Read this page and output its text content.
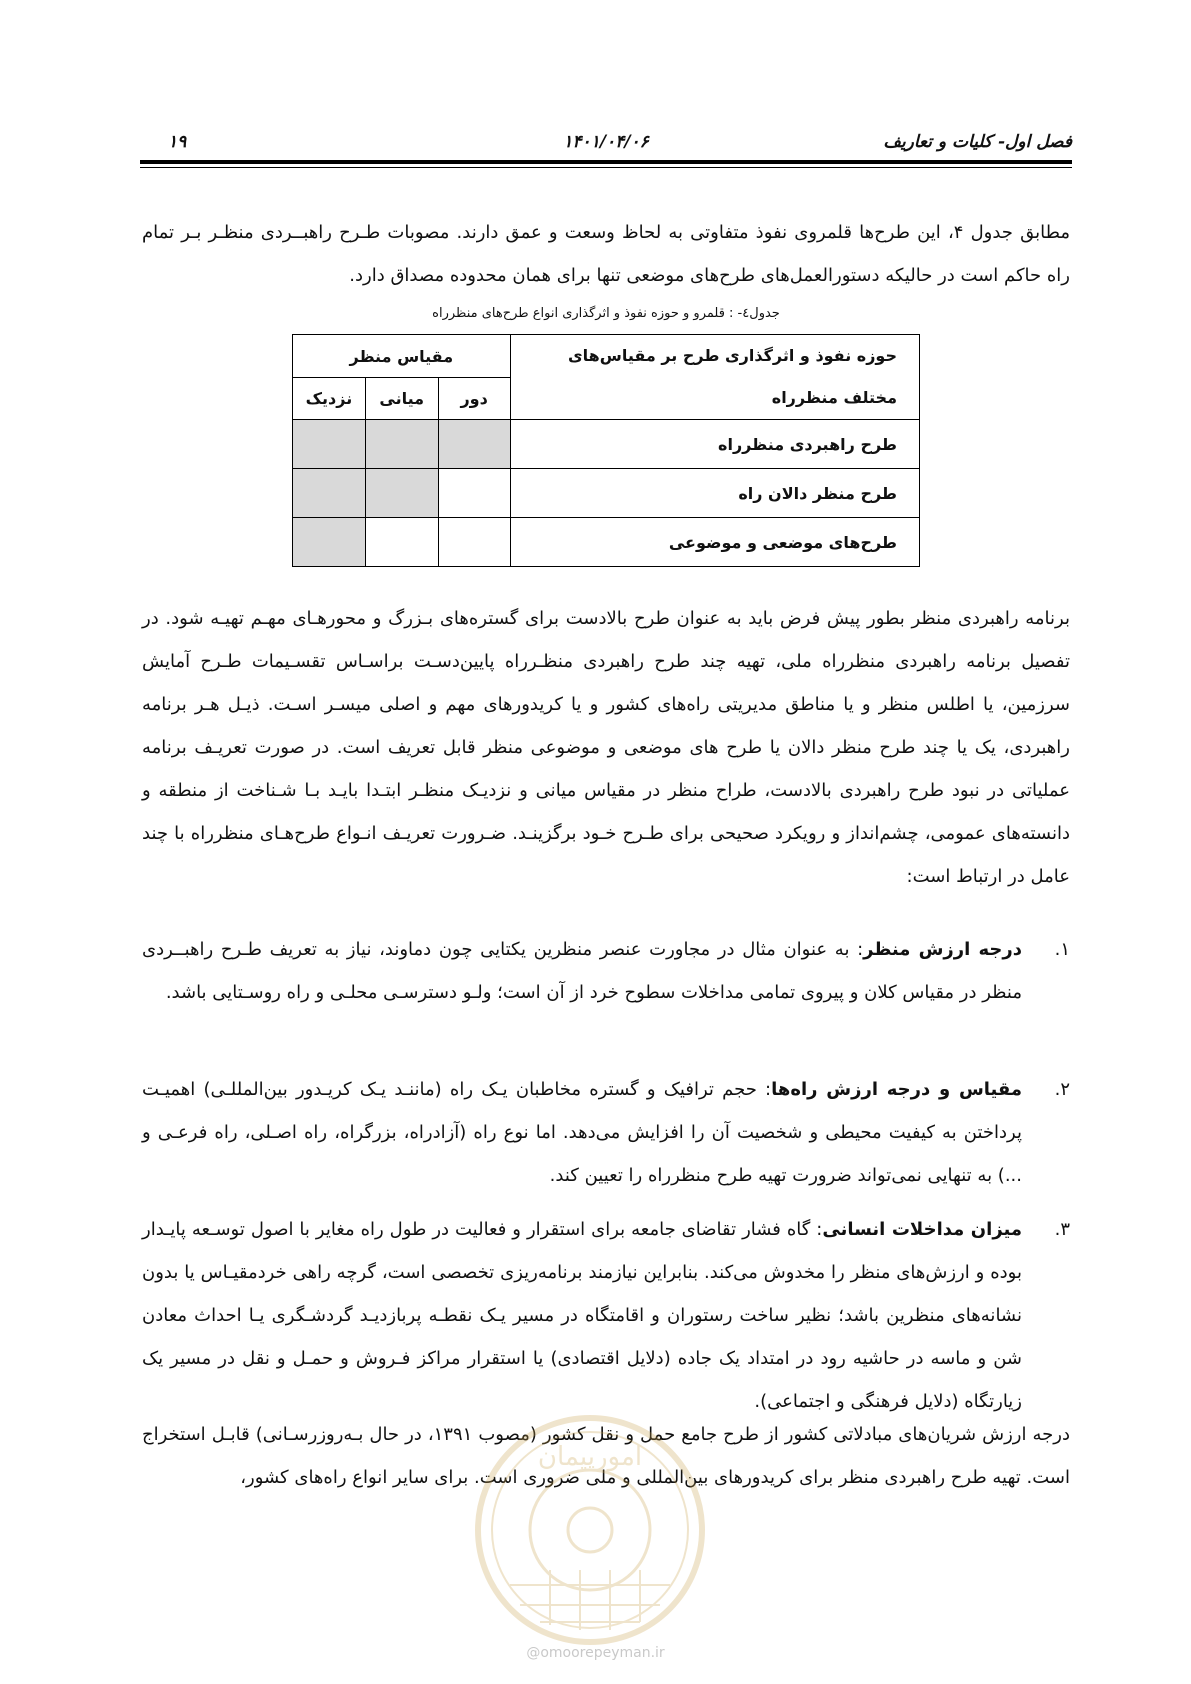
فصل اول- کلیات و تعاریف
۱۴۰۱/۰۴/۰۶
۱۹

مطابق جدول ۴، این طرح‌ها قلمروی نفوذ متفاوتی به لحاظ وسعت و عمق دارند. مصوبات طـرح راهبــردی منظـر بـر تمام راه حاکم است در حالیکه دستورالعمل‌های طرح‌های موضعی تنها برای همان محدوده مصداق دارد.

جدول٤- : قلمرو و حوزه نفوذ و اثرگذاری انواع طرح‌های منظرراه
حوزه نفوذ و اثرگذاری طرح بر مقیاس‌های مختلف منظرراه	مقیاس منظر		
	دور	میانی	نزدیک
طرح راهبردی منظرراه			
طرح منظر دالان راه			
طرح‌های موضعی و موضوعی			

برنامه راهبردی منظر بطور پیش فرض باید به عنوان طرح بالادست برای گستره‌های بـزرگ و محورهـای مهـم تهیـه شود. در تفصیل برنامه راهبردی منظرراه ملی، تهیه چند طرح راهبردی منظـرراه پایین‌دسـت براسـاس تقسـیمات طـرح آمایش سرزمین، یا اطلس منظر و یا مناطق مدیریتی راه‌های کشور و یا کریدورهای مهم و اصلی میسـر اسـت. ذیـل هـر برنامه راهبردی، یک یا چند طرح منظر دالان یا طرح های موضعی و موضوعی منظر قابل تعریف است. در صورت تعریـف برنامه عملیاتی در نبود طرح راهبردی بالادست، طراح منظر در مقیاس میانی و نزدیـک منظـر ابتـدا بایـد بـا شـناخت از منطقه و دانسته‌های عمومی، چشم‌انداز و رویکرد صحیحی برای طـرح خـود برگزینـد. ضـرورت تعریـف انـواع طرح‌هـای منظرراه با چند عامل در ارتباط است:

.۱
درجه ارزش منظر: به عنوان مثال در مجاورت عنصر منظرین یکتایی چون دماوند، نیاز به تعریف طـرح راهبــردی منظر در مقیاس کلان و پیروی تمامی مداخلات سطوح خرد از آن است؛ ولـو دسترسـی محلـی و راه روسـتایی باشد.
.۲
مقیاس و درجه ارزش راه‌ها: حجم ترافیک و گستره مخاطبان یـک راه (ماننـد یـک کریـدور بین‌المللـی) اهمیـت پرداختن به کیفیت محیطی و شخصیت آن را افزایش می‌دهد. اما نوع راه (آزادراه، بزرگراه، راه اصـلی، راه فرعـی و ...) به تنهایی نمی‌تواند ضرورت تهیه طرح منظرراه را تعیین کند.
.۳
میزان مداخلات انسانی: گاه فشار تقاضای جامعه برای استقرار و فعالیت در طول راه مغایر با اصول توسـعه پایـدار بوده و ارزش‌های منظر را مخدوش می‌کند. بنابراین نیازمند برنامه‌ریزی تخصصی است، گرچه راهی خردمقیـاس یا بدون نشانه‌های منظرین باشد؛ نظیر ساخت رستوران و اقامتگاه در مسیر یـک نقطـه پربازدیـد گردشـگری یـا احداث معادن شن و ماسه در حاشیه رود در امتداد یک جاده (دلایل اقتصادی) یا استقرار مراکز فـروش و حمـل و نقل در مسیر یک زیارتگاه (دلایل فرهنگی و اجتماعی).

درجه ارزش شریان‌های مبادلاتی کشور از طرح جامع حمل و نقل کشور (مصوب ۱۳۹۱، در حال بـه‌روزرسـانی) قابـل استخراج است. تهیه طرح راهبردی منظر برای کریدورهای بین‌المللی و ملی ضروری است. برای سایر انواع راه‌های کشور،

امورپیمان
@omoorepeyman.ir
